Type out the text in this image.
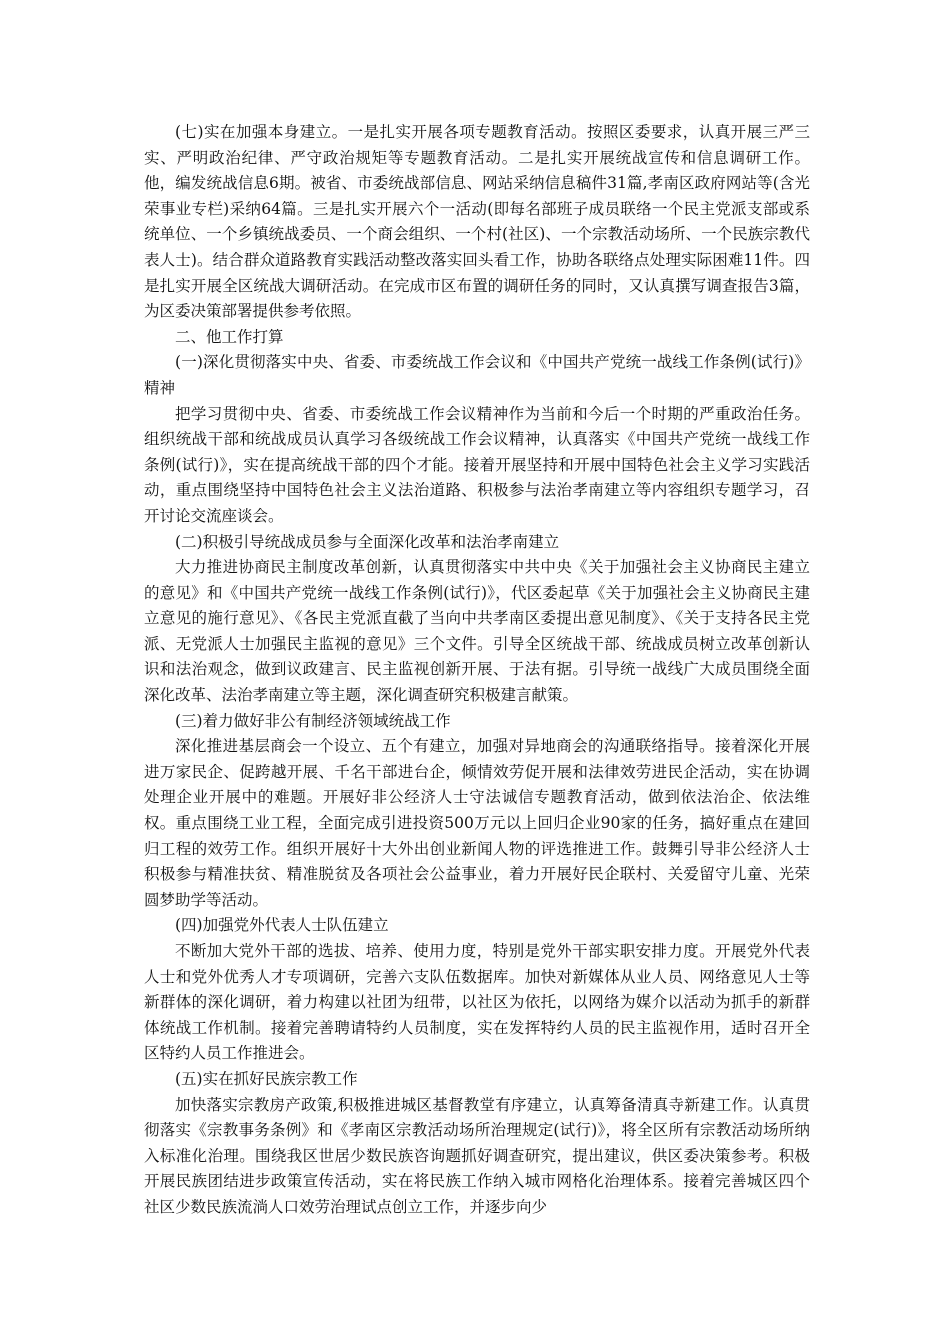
(七)实在加强本身建立。一是扎实开展各项专题教育活动。按照区委要求，认真开展三严三实、严明政治纪律、严守政治规矩等专题教育活动。二是扎实开展统战宣传和信息调研工作。他，编发统战信息6期。被省、市委统战部信息、网站采纳信息稿件31篇,孝南区政府网站等(含光荣事业专栏)采纳64篇。三是扎实开展六个一活动(即每名部班子成员联络一个民主党派支部或系统单位、一个乡镇统战委员、一个商会组织、一个村(社区)、一个宗教活动场所、一个民族宗教代表人士)。结合群众道路教育实践活动整改落实回头看工作，协助各联络点处理实际困难11件。四是扎实开展全区统战大调研活动。在完成市区布置的调研任务的同时，又认真撰写调查报告3篇，为区委决策部署提供参考依照。

二、他工作打算

(一)深化贯彻落实中央、省委、市委统战工作会议和《中国共产党统一战线工作条例(试行)》精神

把学习贯彻中央、省委、市委统战工作会议精神作为当前和今后一个时期的严重政治任务。组织统战干部和统战成员认真学习各级统战工作会议精神，认真落实《中国共产党统一战线工作条例(试行)》，实在提高统战干部的四个才能。接着开展坚持和开展中国特色社会主义学习实践活动，重点围绕坚持中国特色社会主义法治道路、积极参与法治孝南建立等内容组织专题学习，召开讨论交流座谈会。

(二)积极引导统战成员参与全面深化改革和法治孝南建立

大力推进协商民主制度改革创新，认真贯彻落实中共中央《关于加强社会主义协商民主建立的意见》和《中国共产党统一战线工作条例(试行)》，代区委起草《关于加强社会主义协商民主建立意见的施行意见》、《各民主党派直截了当向中共孝南区委提出意见制度》、《关于支持各民主党派、无党派人士加强民主监视的意见》三个文件。引导全区统战干部、统战成员树立改革创新认识和法治观念，做到议政建言、民主监视创新开展、于法有据。引导统一战线广大成员围绕全面深化改革、法治孝南建立等主题，深化调查研究积极建言献策。

(三)着力做好非公有制经济领域统战工作

深化推进基层商会一个设立、五个有建立，加强对异地商会的沟通联络指导。接着深化开展进万家民企、促跨越开展、千名干部进台企，倾情效劳促开展和法律效劳进民企活动，实在协调处理企业开展中的难题。开展好非公经济人士守法诚信专题教育活动，做到依法治企、依法维权。重点围绕工业工程，全面完成引进投资500万元以上回归企业90家的任务，搞好重点在建回归工程的效劳工作。组织开展好十大外出创业新闻人物的评选推进工作。鼓舞引导非公经济人士积极参与精准扶贫、精准脱贫及各项社会公益事业，着力开展好民企联村、关爱留守儿童、光荣圆梦助学等活动。

(四)加强党外代表人士队伍建立

不断加大党外干部的选拔、培养、使用力度，特别是党外干部实职安排力度。开展党外代表人士和党外优秀人才专项调研，完善六支队伍数据库。加快对新媒体从业人员、网络意见人士等新群体的深化调研，着力构建以社团为纽带，以社区为依托，以网络为媒介以活动为抓手的新群体统战工作机制。接着完善聘请特约人员制度，实在发挥特约人员的民主监视作用，适时召开全区特约人员工作推进会。

(五)实在抓好民族宗教工作

加快落实宗教房产政策,积极推进城区基督教堂有序建立，认真筹备清真寺新建工作。认真贯彻落实《宗教事务条例》和《孝南区宗教活动场所治理规定(试行)》，将全区所有宗教活动场所纳入标准化治理。围绕我区世居少数民族咨询题抓好调查研究，提出建议，供区委决策参考。积极开展民族团结进步政策宣传活动，实在将民族工作纳入城市网格化治理体系。接着完善城区四个社区少数民族流淌人口效劳治理试点创立工作，并逐步向少
